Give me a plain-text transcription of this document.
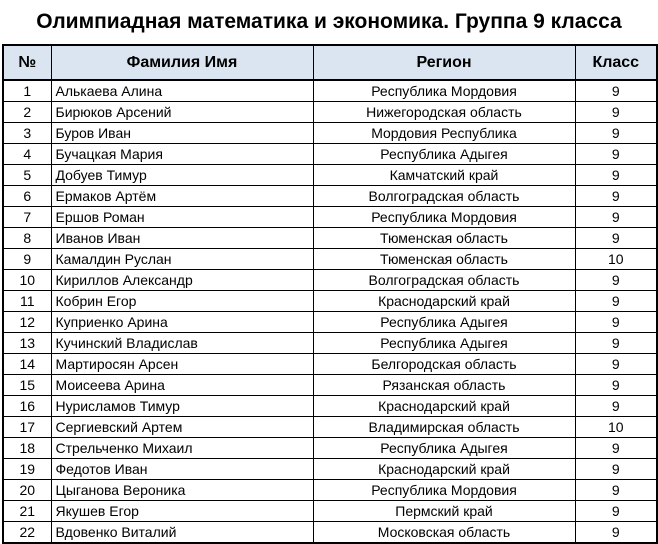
Олимпиадная математика и экономика. Группа 9 класса
№	Фамилия Имя	Регион	Класс
1	Алькаева Алина	Республика Мордовия	9
2	Бирюков Арсений	Нижегородская область	9
3	Буров Иван	Мордовия Республика	9
4	Бучацкая Мария	Республика Адыгея	9
5	Добуев Тимур	Камчатский край	9
6	Ермаков Артём	Волгоградская область	9
7	Ершов Роман	Республика Мордовия	9
8	Иванов Иван	Тюменская область	9
9	Камалдин Руслан	Тюменская область	10
10	Кириллов Александр	Волгоградская область	9
11	Кобрин Егор	Краснодарский край	9
12	Куприенко Арина	Республика Адыгея	9
13	Кучинский Владислав	Республика Адыгея	9
14	Мартиросян Арсен	Белгородская область	9
15	Моисеева Арина	Рязанская область	9
16	Нурисламов Тимур	Краснодарский край	9
17	Сергиевский Артем	Владимирская область	10
18	Стрельченко Михаил	Республика Адыгея	9
19	Федотов Иван	Краснодарский край	9
20	Цыганова Вероника	Республика Мордовия	9
21	Якушев Егор	Пермский край	9
22	Вдовенко Виталий	Московская область	9
